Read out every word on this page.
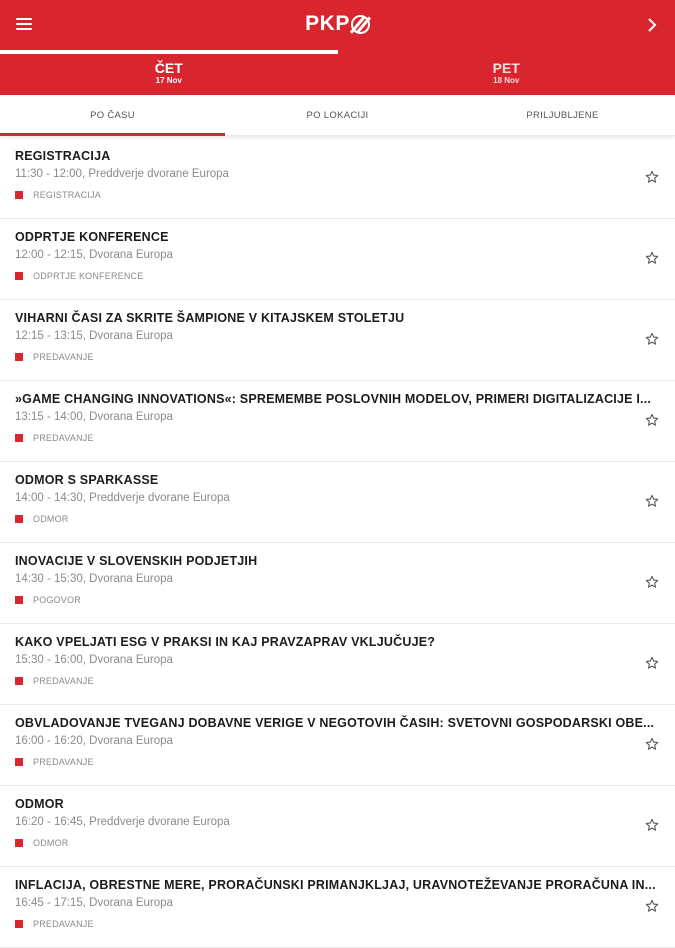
PKP
ČET
17 Nov
PET
18 Nov
PO ČASU	PO LOKACIJI	PRILJUBLJENE
REGISTRACIJA
11:30 - 12:00, Preddverje dvorane Europa
REGISTRACIJA
ODPRTJE KONFERENCE
12:00 - 12:15, Dvorana Europa
ODPRTJE KONFERENCE
VIHARNI ČASI ZA SKRITE ŠAMPIONE V KITAJSKEM STOLETJU
12:15 - 13:15, Dvorana Europa
PREDAVANJE
»GAME CHANGING INNOVATIONS«: SPREMEMBE POSLOVNIH MODELOV, PRIMERI DIGITALIZACIJE I...
13:15 - 14:00, Dvorana Europa
PREDAVANJE
ODMOR S SPARKASSE
14:00 - 14:30, Preddverje dvorane Europa
ODMOR
INOVACIJE V SLOVENSKIH PODJETJIH
14:30 - 15:30, Dvorana Europa
POGOVOR
KAKO VPELJATI ESG V PRAKSI IN KAJ PRAVZAPRAV VKLJUČUJE?
15:30 - 16:00, Dvorana Europa
PREDAVANJE
OBVLADOVANJE TVEGANJ DOBAVNE VERIGE V NEGOTOVIH ČASIH: SVETOVNI GOSPODARSKI OBE...
16:00 - 16:20, Dvorana Europa
PREDAVANJE
ODMOR
16:20 - 16:45, Preddverje dvorane Europa
ODMOR
INFLACIJA, OBRESTNE MERE, PRORAČUNSKI PRIMANJKLJAJ, URAVNOTEŽEVANJE PRORAČUNA IN...
16:45 - 17:15, Dvorana Europa
PREDAVANJE
